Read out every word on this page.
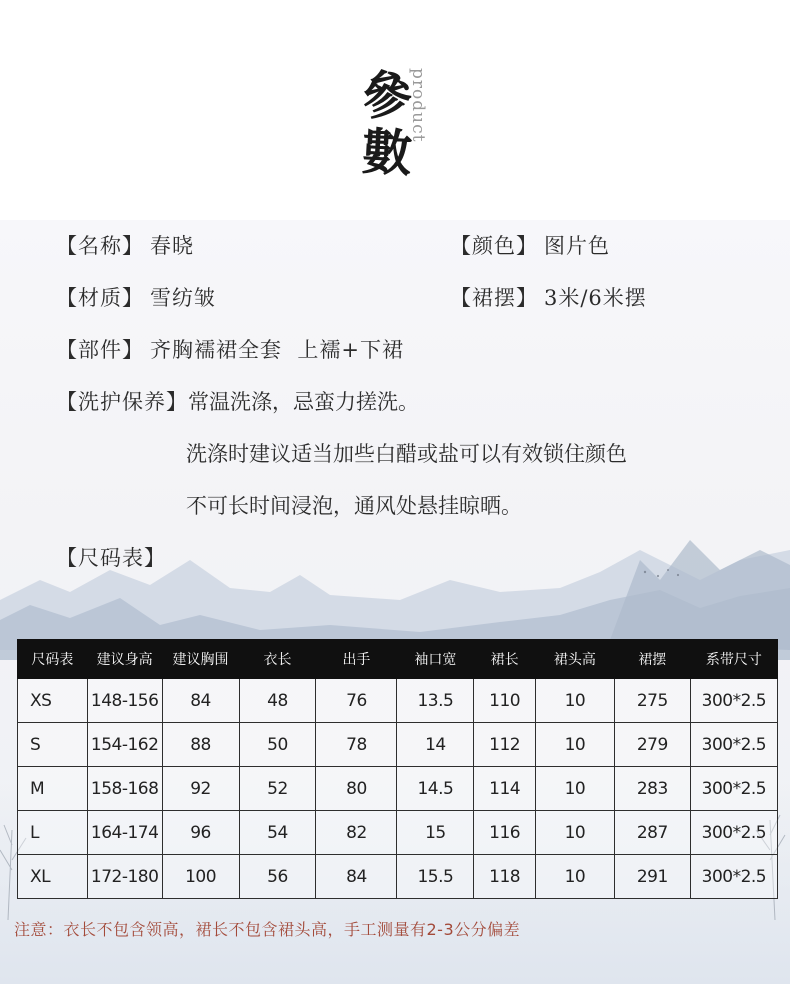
參
數
product
【名称】 春晓	【颜色】 图片色
【材质】 雪纺皱	【裙摆】 3米/6米摆
【部件】 齐胸襦裙全套  上襦+下裙
【洗护保养】常温洗涤，忌蛮力搓洗。
洗涤时建议适当加些白醋或盐可以有效锁住颜色
不可长时间浸泡，通风处悬挂晾晒。
【尺码表】
尺码表	建议身高	建议胸围	衣长	出手	袖口宽	裙长	裙头高	裙摆	系带尺寸
XS	148-156	84	48	76	13.5	110	10	275	300*2.5
S	154-162	88	50	78	14	112	10	279	300*2.5
M	158-168	92	52	80	14.5	114	10	283	300*2.5
L	164-174	96	54	82	15	116	10	287	300*2.5
XL	172-180	100	56	84	15.5	118	10	291	300*2.5
注意：衣长不包含领高，裙长不包含裙头高，手工测量有2-3公分偏差
